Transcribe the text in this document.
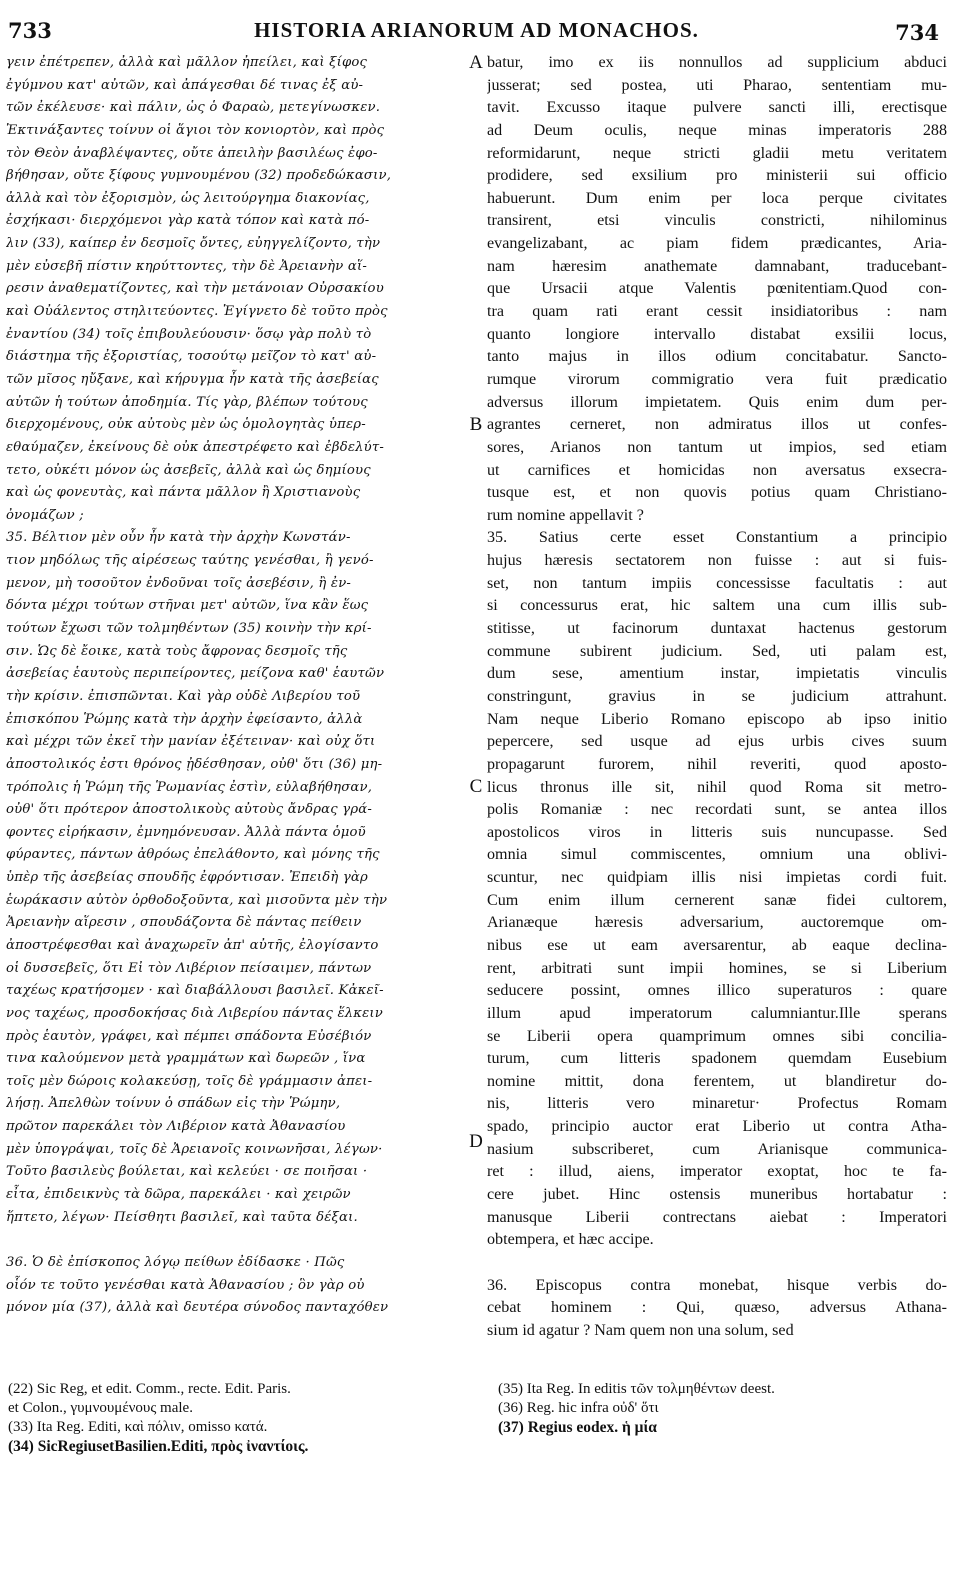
733	HISTORIA ARIANORUM AD MONACHOS.	734
γειν ἐπέτρεπεν, ἀλλὰ καὶ μᾶλλον ἠπείλει, καὶ ξίφος
ἐγύμνου κατ' αὐτῶν, καὶ ἀπάγεσθαι δέ τινας ἐξ αὐ-
τῶν ἐκέλευσε· καὶ πάλιν, ὡς ὁ Φαραὼ, μετεγίνωσκεν.
Ἐκτινάξαντες τοίνυν οἱ ἅγιοι τὸν κονιορτὸν, καὶ πρὸς
τὸν Θεὸν ἀναβλέψαντες, οὔτε ἀπειλὴν βασιλέως ἐφο-
βήθησαν, οὔτε ξίφους γυμνουμένου (32) προδεδώκασιν,
ἀλλὰ καὶ τὸν ἐξορισμὸν, ὡς λειτούργημα διακονίας,
ἐσχήκασι· διερχόμενοι γὰρ κατὰ τόπον καὶ κατὰ πό-
λιν (33), καίπερ ἐν δεσμοῖς ὄντες, εὐηγγελίζοντο, τὴν
μὲν εὐσεβῆ πίστιν κηρύττοντες, τὴν δὲ Ἀρειανὴν αἵ-
ρεσιν ἀναθεματίζοντες, καὶ τὴν μετάνοιαν Οὐρσακίου
καὶ Οὐάλεντος στηλιτεύοντες. Ἐγίγνετο δὲ τοῦτο πρὸς
ἐναντίου (34) τοῖς ἐπιβουλεύουσιν· ὅσῳ γὰρ πολὺ τὸ
διάστημα τῆς ἐξοριστίας, τοσούτῳ μεῖζον τὸ κατ' αὐ-
τῶν μῖσος ηὔξανε, καὶ κήρυγμα ἦν κατὰ τῆς ἀσεβείας
αὐτῶν ἡ τούτων ἀποδημία. Τίς γὰρ, βλέπων τούτους
διερχομένους, οὐκ αὐτοὺς μὲν ὡς ὁμολογητὰς ὑπερ-
εθαύμαζεν, ἐκείνους δὲ οὐκ ἀπεστρέφετο καὶ ἐβδελύτ-
τετο, οὐκέτι μόνον ὡς ἀσεβεῖς, ἀλλὰ καὶ ὡς δημίους
καὶ ὡς φονευτὰς, καὶ πάντα μᾶλλον ἢ Χριστιανοὺς
ὀνομάζων ;
35. Βέλτιον μὲν οὖν ἦν κατὰ τὴν ἀρχὴν Κωνστάν-
τιον μηδόλως τῆς αἱρέσεως ταύτης γενέσθαι, ἢ γενό-
μενον, μὴ τοσοῦτον ἐνδοῦναι τοῖς ἀσεβέσιν, ἢ ἐν-
δόντα μέχρι τούτων στῆναι μετ' αὐτῶν, ἵνα κἂν ἕως
τούτων ἔχωσι τῶν τολμηθέντων (35) κοινὴν τὴν κρί-
σιν. Ὡς δὲ ἔοικε, κατὰ τοὺς ἄφρονας δεσμοῖς τῆς
ἀσεβείας ἑαυτοὺς περιπείροντες, μείζονα καθ' ἑαυτῶν
τὴν κρίσιν. ἐπισπῶνται. Καὶ γὰρ οὐδὲ Λιβερίου τοῦ
ἐπισκόπου Ῥώμης κατὰ τὴν ἀρχὴν ἐφείσαντο, ἀλλὰ
καὶ μέχρι τῶν ἐκεῖ τὴν μανίαν ἐξέτειναν· καὶ οὐχ ὅτι
ἀποστολικός ἐστι θρόνος ᾐδέσθησαν, οὐθ' ὅτι (36) μη-
τρόπολις ἡ Ῥώμη τῆς Ῥωμανίας ἐστὶν, εὐλαβήθησαν,
οὐθ' ὅτι πρότερον ἀποστολικοὺς αὐτοὺς ἄνδρας γρά-
φοντες εἰρήκασιν, ἐμνημόνευσαν. Ἀλλὰ πάντα ὁμοῦ
φύραντες, πάντων ἀθρόως ἐπελάθοντο, καὶ μόνης τῆς
ὑπὲρ τῆς ἀσεβείας σπουδῆς ἐφρόντισαν. Ἐπειδὴ γὰρ
ἑωράκασιν αὐτὸν ὀρθοδοξοῦντα, καὶ μισοῦντα μὲν τὴν
Ἀρειανὴν αἵρεσιν , σπουδάζοντα δὲ πάντας πείθειν
ἀποστρέφεσθαι καὶ ἀναχωρεῖν ἀπ' αὐτῆς, ἐλογίσαντο
οἱ δυσσεβεῖς, ὅτι Εἰ τὸν Λιβέριον πείσαιμεν, πάντων
ταχέως κρατήσομεν · καὶ διαβάλλουσι βασιλεῖ. Κἀκεῖ-
νος ταχέως, προσδοκήσας διὰ Λιβερίου πάντας ἕλκειν
πρὸς ἑαυτὸν, γράφει, καὶ πέμπει σπάδοντα Εὐσέβιόν
τινα καλούμενον μετὰ γραμμάτων καὶ δωρεῶν , ἵνα
τοῖς μὲν δώροις κολακεύσῃ, τοῖς δὲ γράμμασιν ἀπει-
λήσῃ. Ἀπελθὼν τοίνυν ὁ σπάδων εἰς τὴν Ῥώμην,
πρῶτον παρεκάλει τὸν Λιβέριον κατὰ Ἀθανασίου
μὲν ὑπογράψαι, τοῖς δὲ Ἀρειανοῖς κοινωνῆσαι, λέγων·
Τοῦτο βασιλεὺς βούλεται, καὶ κελεύει · σε ποιῆσαι ·
εἶτα, ἐπιδεικνὺς τὰ δῶρα, παρεκάλει · καὶ χειρῶν
ἥπτετο, λέγων· Πείσθητι βασιλεῖ, καὶ ταῦτα δέξαι.
36. Ὁ δὲ ἐπίσκοπος λόγῳ πείθων ἐδίδασκε · Πῶς
οἷόν τε τοῦτο γενέσθαι κατὰ Ἀθανασίου ; ὃν γὰρ οὐ
μόνον μία (37), ἀλλὰ καὶ δευτέρα σύνοδος πανταχόθεν
batur, imo ex iis nonnullos ad supplicium abduci
jusserat; sed postea, uti Pharao, sententiam mu-
tavit. Excusso itaque pulvere sancti illi, erectisque
ad Deum oculis, neque minas imperatoris 288
reformidarunt, neque stricti gladii metu veritatem
prodidere, sed exsilium pro ministerii sui officio
habuerunt. Dum enim per loca perque civitates
transirent, etsi vinculis constricti, nihilominus
evangelizabant, ac piam fidem prædicantes, Aria-
nam hæresim anathemate damnabant, traducebant-
que Ursacii atque Valentis pœnitentiam.Quod con-
tra quam rati erant cessit insidiatoribus : nam
quanto longiore intervallo distabat exsilii locus,
tanto majus in illos odium concitabatur. Sancto-
rumque virorum commigratio vera fuit prædicatio
adversus illorum impietatem. Quis enim dum per-
agrantes cerneret, non admiratus illos ut confes-
sores, Arianos non tantum ut impios, sed etiam
ut carnifices et homicidas non aversatus exsecra-
tusque est, et non quovis potius quam Christiano-
rum nomine appellavit ?
35. Satius certe esset Constantium a principio
hujus hæresis sectatorem non fuisse : aut si fuis-
set, non tantum impiis concessisse facultatis : aut
si concessurus erat, hic saltem una cum illis sub-
stitisse, ut facinorum duntaxat hactenus gestorum
commune subirent judicium. Sed, uti palam est,
dum sese, amentium instar, impietatis vinculis
constringunt, gravius in se judicium attrahunt.
Nam neque Liberio Romano episcopo ab ipso initio
pepercere, sed usque ad ejus urbis cives suum
propagarunt furorem, nihil reveriti, quod aposto-
licus thronus ille sit, nihil quod Roma sit metro-
polis Romaniæ : nec recordati sunt, se antea illos
apostolicos viros in litteris suis nuncupasse. Sed
omnia simul commiscentes, omnium una oblivi-
scuntur, nec quidpiam illis nisi impietas cordi fuit.
Cum enim illum cernerent sanæ fidei cultorem,
Arianæque hæresis adversarium, auctoremque om-
nibus ese ut eam aversarentur, ab eaque declina-
rent, arbitrati sunt impii homines, se si Liberium
seducere possint, omnes illico superaturos : quare
illum apud imperatorum calumniantur.Ille sperans
se Liberii opera quamprimum omnes sibi concilia-
turum, cum litteris spadonem quemdam Eusebium
nomine mittit, dona ferentem, ut blandiretur do-
nis, litteris vero minaretur· Profectus Romam
spado, principio auctor erat Liberio ut contra Atha-
nasium subscriberet, cum Arianisque communica-
ret : illud, aiens, imperator exoptat, hoc te fa-
cere jubet. Hinc ostensis muneribus hortabatur :
manusque Liberii contrectans aiebat : Imperatori
obtempera, et hæc accipe.
36. Episcopus contra monebat, hisque verbis do-
cebat hominem : Qui, quæso, adversus Athana-
sium id agatur ? Nam quem non una solum, sed
A
B
C
D
(22) Sic Reg, et edit. Comm., recte. Edit. Paris.
et Colon., γυμνουμένους male.
(33) Ita Reg. Editi, καὶ πόλιν, omisso κατά.
(34) SicRegiusetBasilien.Editi, πρὸς ἰναντίοις.
(35) Ita Reg. In editis τῶν τολμηθέντων deest.
(36) Reg. hic infra οὐδ' ὅτι
(37) Regius eodex. ἡ μία
